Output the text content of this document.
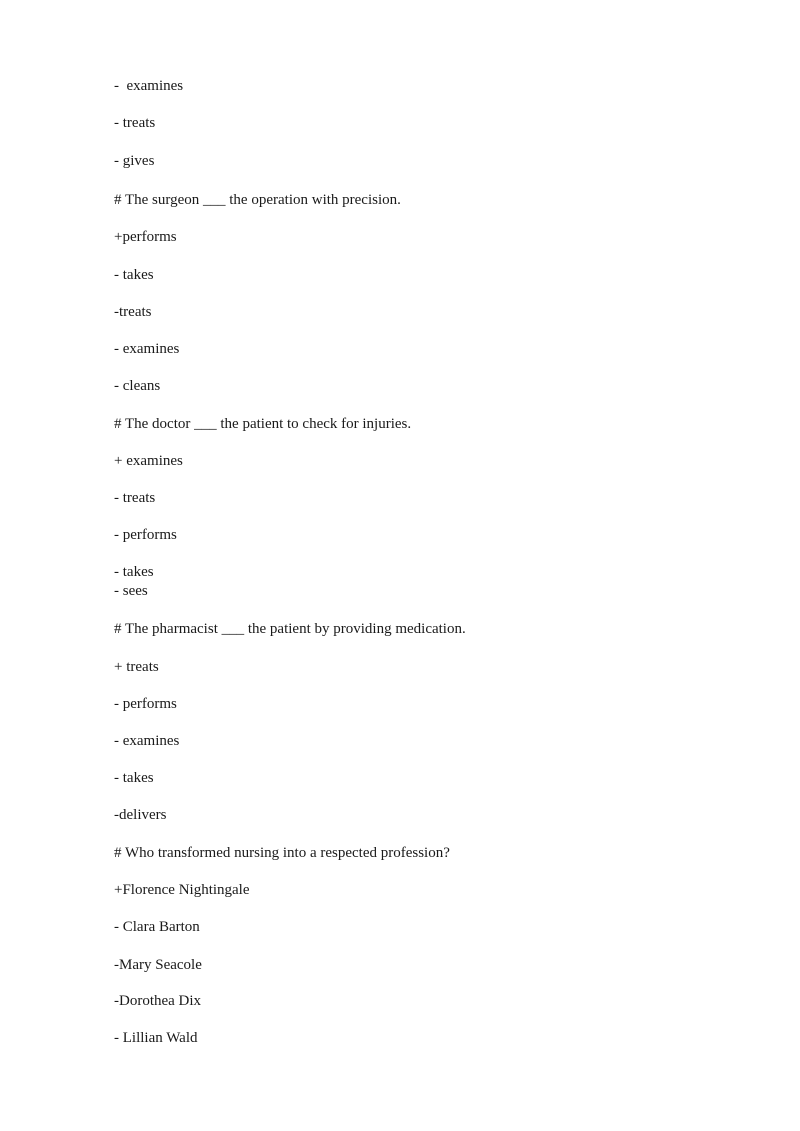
-  examines

- treats

- gives

# The surgeon ___ the operation with precision.

+performs

- takes

-treats

- examines

- cleans

# The doctor ___ the patient to check for injuries.

+ examines

- treats

- performs

- takes

- sees

# The pharmacist ___ the patient by providing medication.

+ treats

- performs

- examines

- takes

-delivers

# Who transformed nursing into a respected profession?

+Florence Nightingale

- Clara Barton

-Mary Seacole

-Dorothea Dix

- Lillian Wald
